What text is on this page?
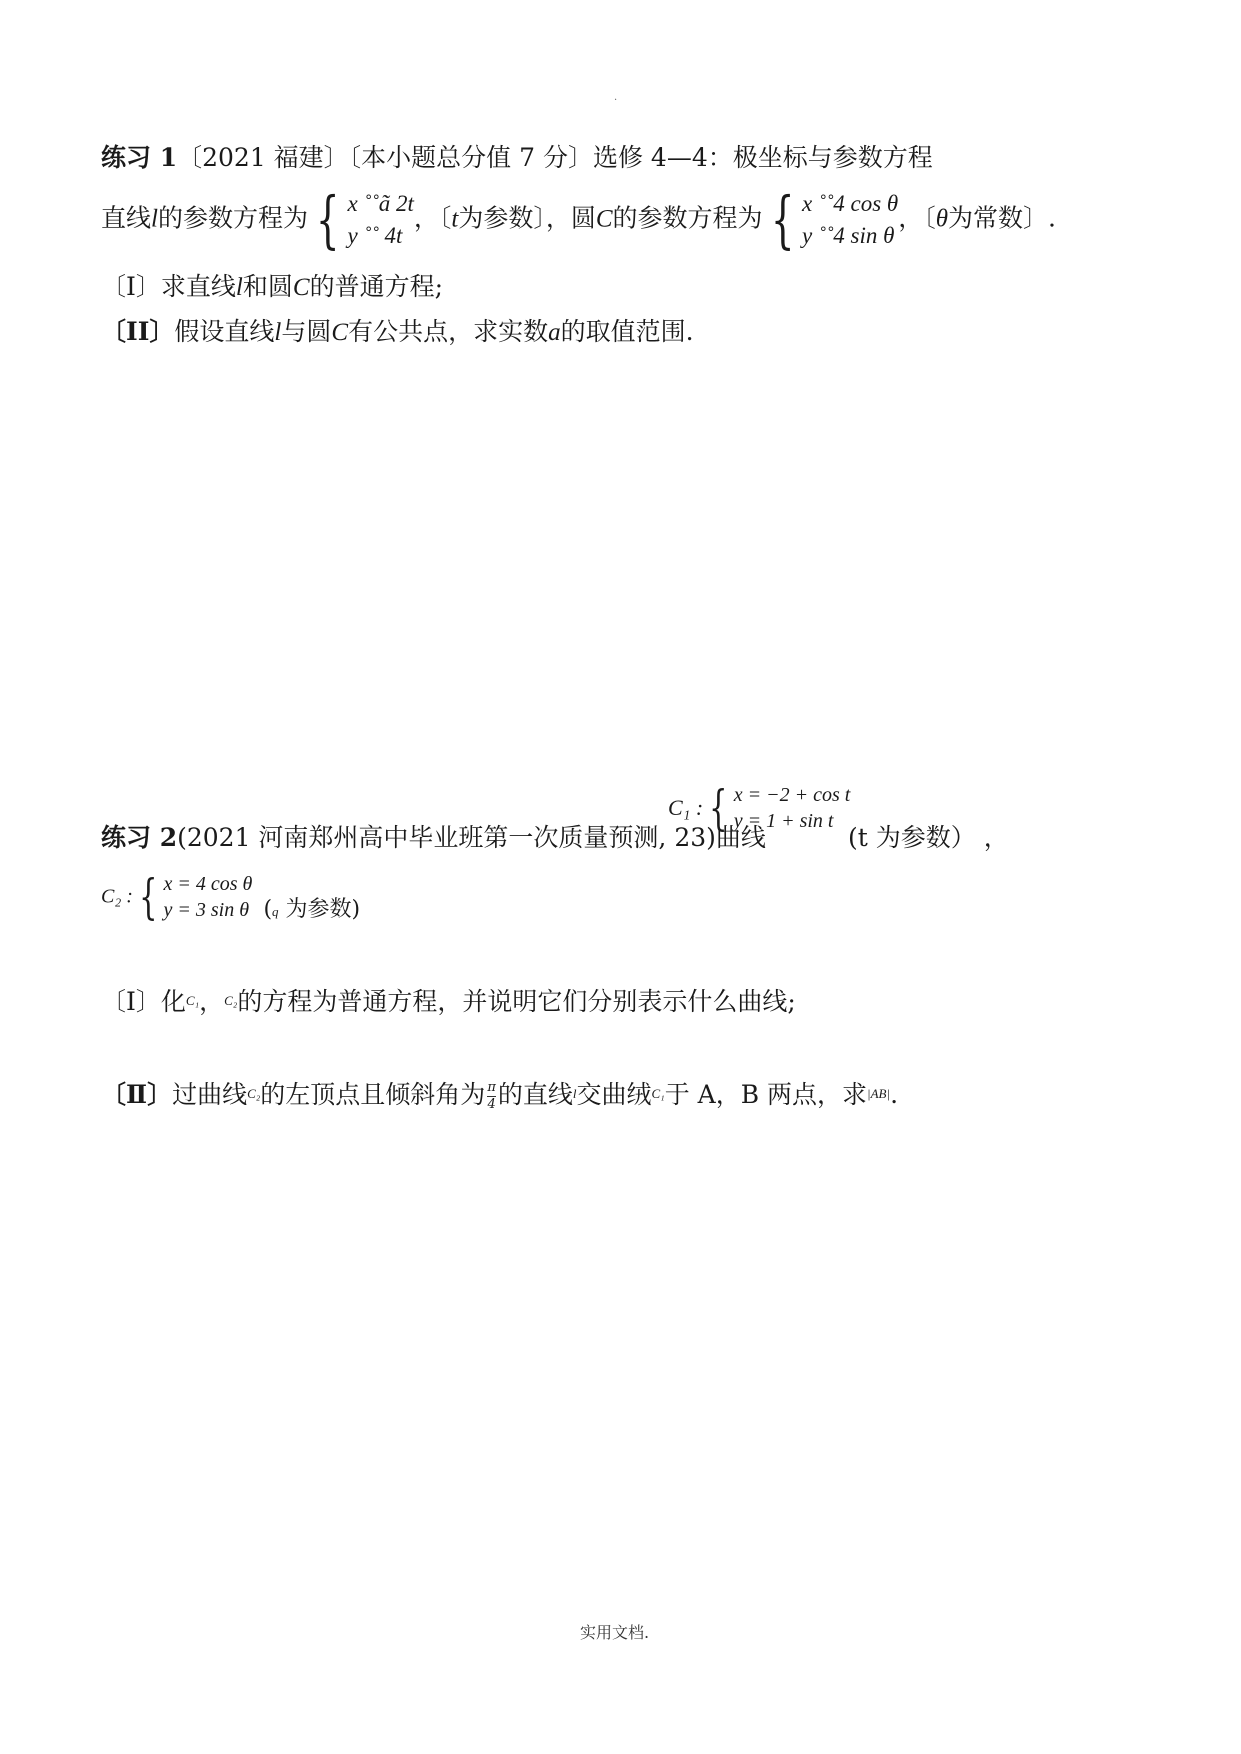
.
练习 1〔2021 福建〕〔本小题总分值 7 分〕选修 4—4：极坐标与参数方程
直线l的参数方程为 { x ˚˚ã 2t
y ˚˚ 4t，〔t为参数〕，圆C的参数方程为 { x ˚˚4 cos θ
y ˚˚4 sin θ，〔θ为常数〕.
〔I〕求直线l和圆C的普通方程;
〔II〕假设直线l与圆C有公共点，求实数a的取值范围.
练习 2(2021 河南郑州高中毕业班第一次质量预测, 23)曲线
C₁ : { x = −2 + cos t
y = 1 + sin t
(t 为参数） ，
C₂ : { x = 4 cos θ
y = 3 sin θ (q 为参数)
〔Ⅰ〕化$^{C_1}$，$^{C_2}$的方程为普通方程，并说明它们分别表示什么曲线;
〔Ⅱ〕过曲线$^{C_2}$的左顶点且倾斜角为 $\frac{\pi}{4}$ 的直线$^l$交曲绒$^{C_1}$于 A，B 两点，求$^{|AB|}$.
实用文档.
